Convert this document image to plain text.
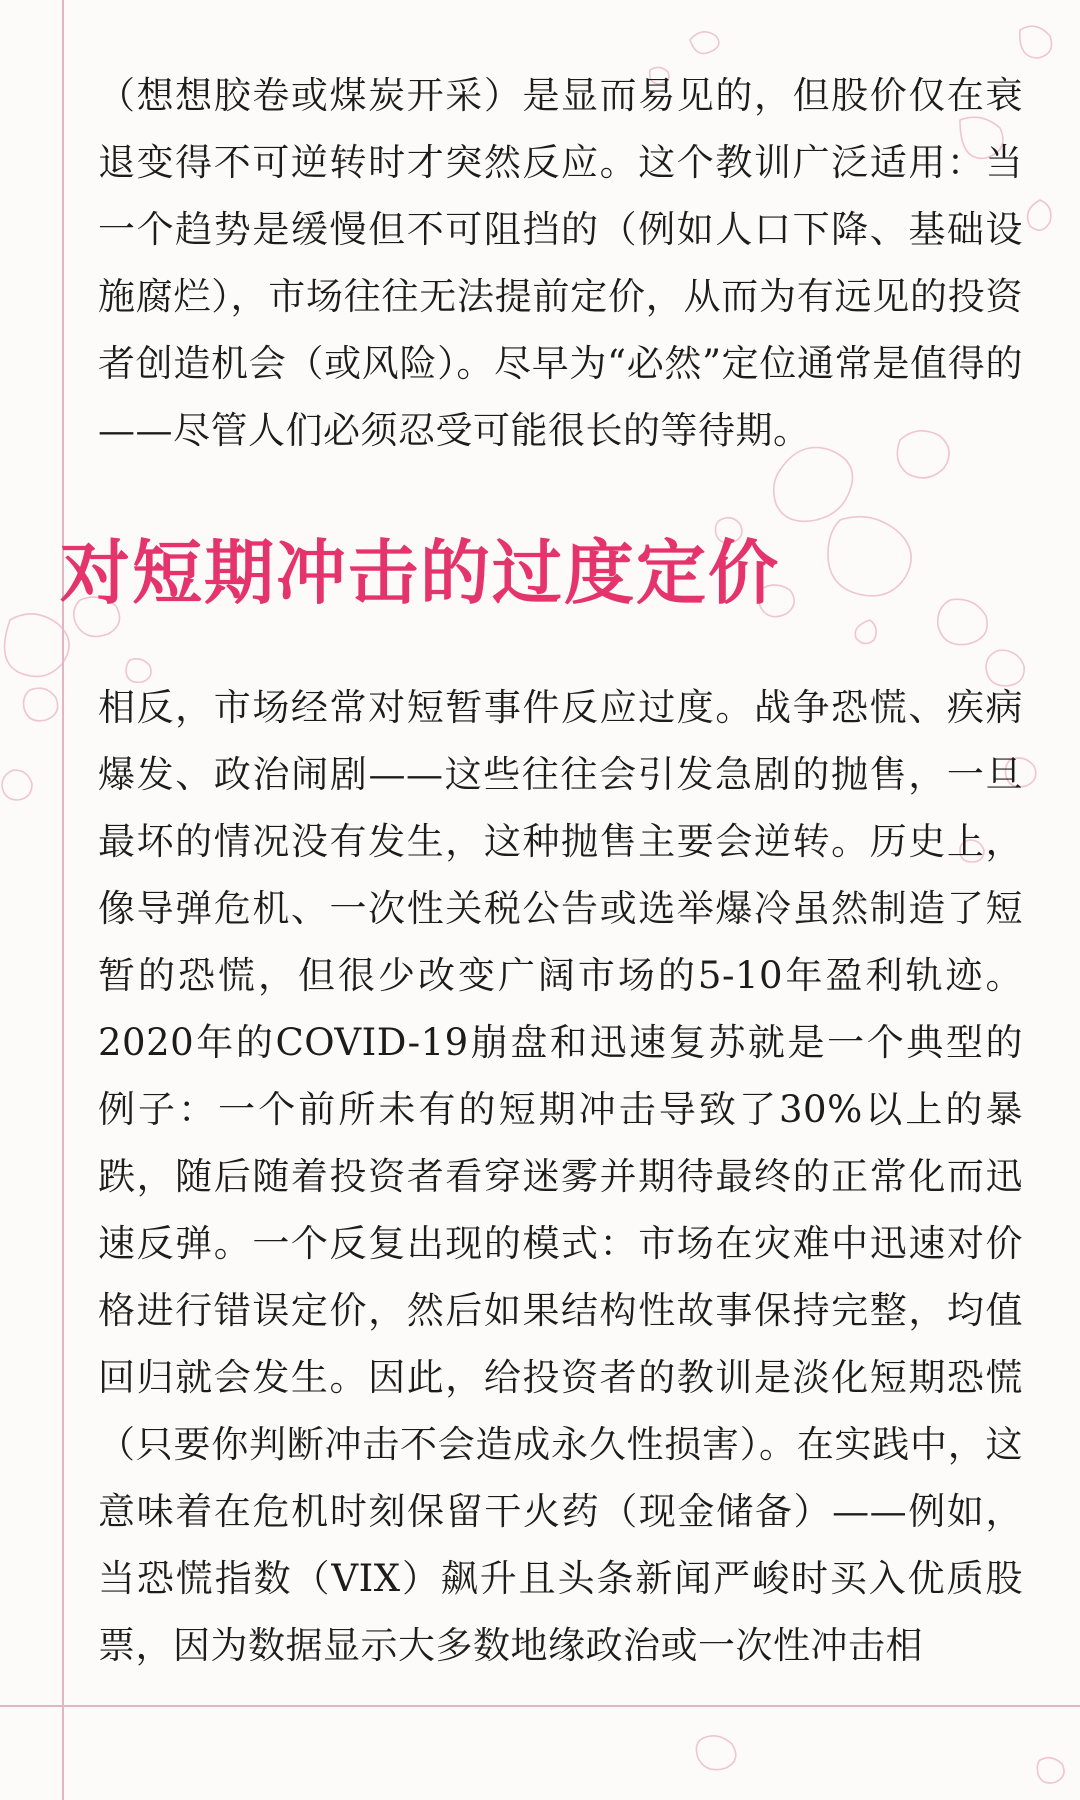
（想想胶卷或煤炭开采）是显而易见的，但股价仅在衰退变得不可逆转时才突然反应。这个教训广泛适用：当一个趋势是缓慢但不可阻挡的（例如人口下降、基础设施腐烂），市场往往无法提前定价，从而为有远见的投资者创造机会（或风险）。尽早为“必然”定位通常是值得的——尽管人们必须忍受可能很长的等待期。

对短期冲击的过度定价

相反，市场经常对短暂事件反应过度。战争恐慌、疾病爆发、政治闹剧——这些往往会引发急剧的抛售，一旦最坏的情况没有发生，这种抛售主要会逆转。历史上，像导弹危机、一次性关税公告或选举爆冷虽然制造了短暂的恐慌，但很少改变广阔市场的5-10年盈利轨迹。2020年的COVID-19崩盘和迅速复苏就是一个典型的例子：一个前所未有的短期冲击导致了30%以上的暴跌，随后随着投资者看穿迷雾并期待最终的正常化而迅速反弹。一个反复出现的模式：市场在灾难中迅速对价格进行错误定价，然后如果结构性故事保持完整，均值回归就会发生。因此，给投资者的教训是淡化短期恐慌（只要你判断冲击不会造成永久性损害）。在实践中，这意味着在危机时刻保留干火药（现金储备）——例如，当恐慌指数（VIX）飙升且头条新闻严峻时买入优质股票，因为数据显示大多数地缘政治或一次性冲击相
